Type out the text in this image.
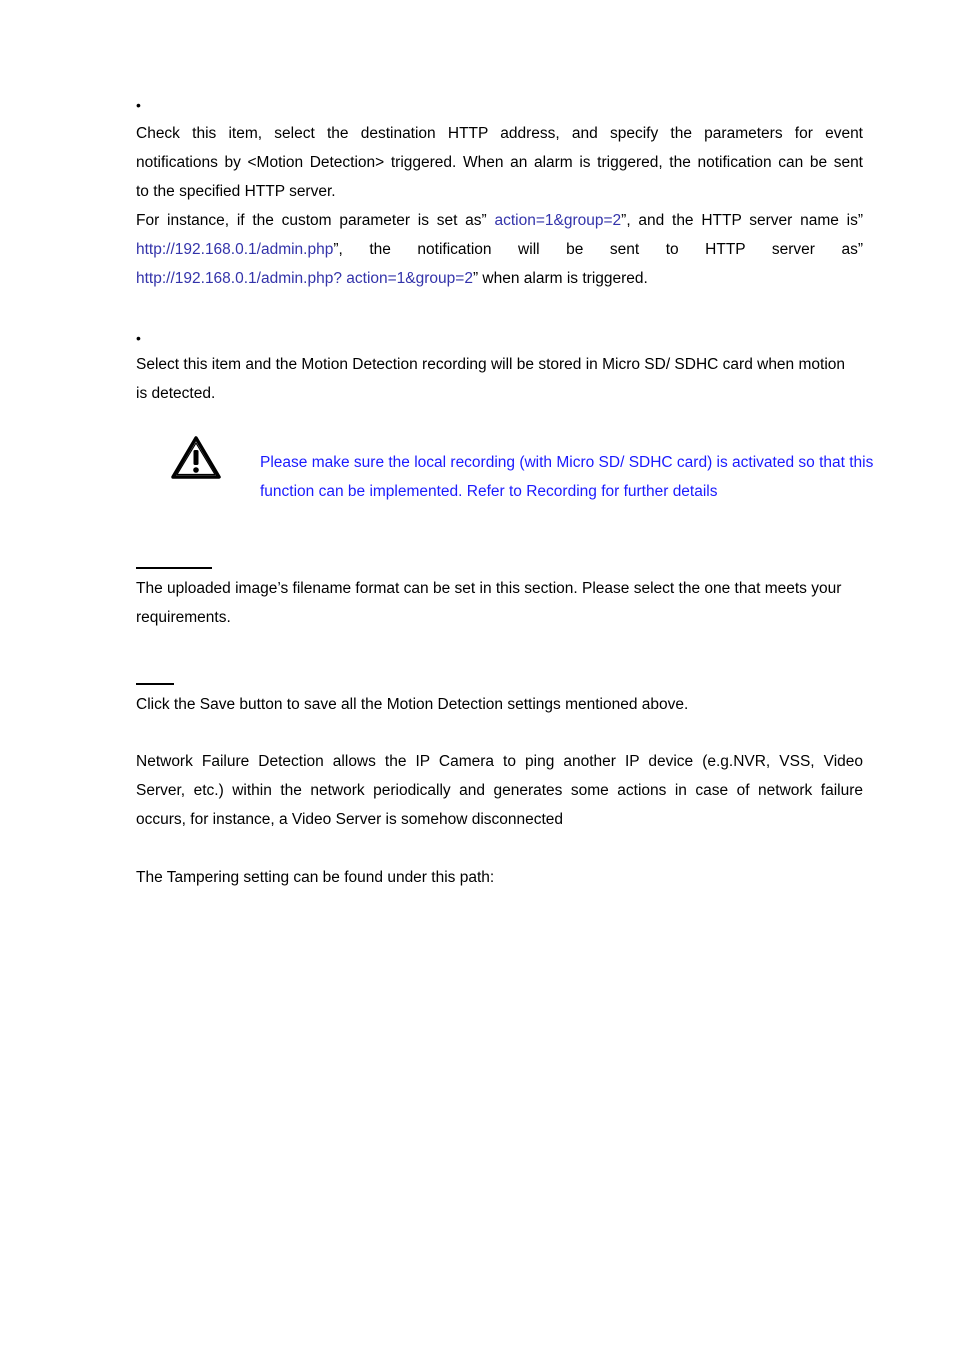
•
Check this item, select the destination HTTP address, and specify the parameters for event
notifications by <Motion Detection> triggered. When an alarm is triggered, the notification can be sent
to the specified HTTP server.
For instance, if the custom parameter is set as” action=1&group=2”, and the HTTP server name is”
http://192.168.0.1/admin.php”, the notification will be sent to HTTP server as”
http://192.168.0.1/admin.php? action=1&group=2” when alarm is triggered.
•
Select this item and the Motion Detection recording will be stored in Micro SD/ SDHC card when motion
is detected.
Please make sure the local recording (with Micro SD/ SDHC card) is activated so that this
function can be implemented. Refer to Recording for further details
The uploaded image’s filename format can be set in this section. Please select the one that meets your
requirements.
Click the Save button to save all the Motion Detection settings mentioned above.
Network Failure Detection allows the IP Camera to ping another IP device (e.g.NVR, VSS, Video
Server, etc.) within the network periodically and generates some actions in case of network failure
occurs, for instance, a Video Server is somehow disconnected
The Tampering setting can be found under this path:
